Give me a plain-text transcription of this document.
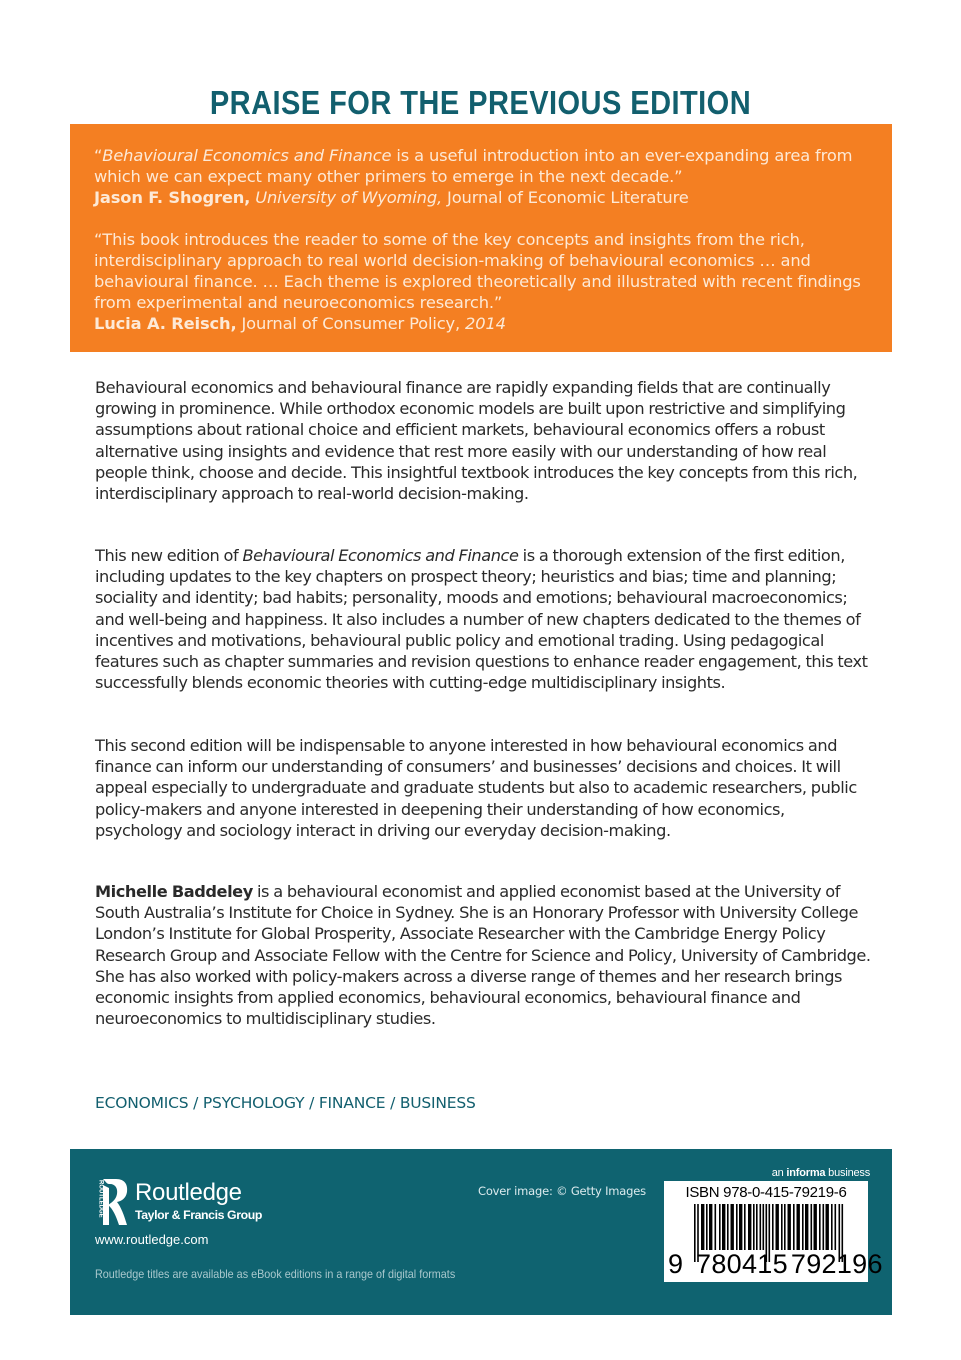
PRAISE FOR THE PREVIOUS EDITION

“Behavioural Economics and Finance is a useful introduction into an ever-expanding area from which we can expect many other primers to emerge in the next decade.”
Jason F. Shogren, University of Wyoming, Journal of Economic Literature

“This book introduces the reader to some of the key concepts and insights from the rich, interdisciplinary approach to real world decision-making of behavioural economics … and behavioural finance. … Each theme is explored theoretically and illustrated with recent findings from experimental and neuroeconomics research.”
Lucia A. Reisch, Journal of Consumer Policy, 2014

Behavioural economics and behavioural finance are rapidly expanding fields that are continually growing in prominence. While orthodox economic models are built upon restrictive and simplifying assumptions about rational choice and efficient markets, behavioural economics offers a robust alternative using insights and evidence that rest more easily with our understanding of how real people think, choose and decide. This insightful textbook introduces the key concepts from this rich, interdisciplinary approach to real-world decision-making.

This new edition of Behavioural Economics and Finance is a thorough extension of the first edition, including updates to the key chapters on prospect theory; heuristics and bias; time and planning; sociality and identity; bad habits; personality, moods and emotions; behavioural macroeconomics; and well-being and happiness. It also includes a number of new chapters dedicated to the themes of incentives and motivations, behavioural public policy and emotional trading. Using pedagogical features such as chapter summaries and revision questions to enhance reader engagement, this text successfully blends economic theories with cutting-edge multidisciplinary insights.

This second edition will be indispensable to anyone interested in how behavioural economics and finance can inform our understanding of consumers’ and businesses’ decisions and choices. It will appeal especially to undergraduate and graduate students but also to academic researchers, public policy-makers and anyone interested in deepening their understanding of how economics, psychology and sociology interact in driving our everyday decision-making.

Michelle Baddeley is a behavioural economist and applied economist based at the University of South Australia’s Institute for Choice in Sydney. She is an Honorary Professor with University College London’s Institute for Global Prosperity, Associate Researcher with the Cambridge Energy Policy Research Group and Associate Fellow with the Centre for Science and Policy, University of Cambridge. She has also worked with policy-makers across a diverse range of themes and her research brings economic insights from applied economics, behavioural economics, behavioural finance and neuroeconomics to multidisciplinary studies.

ECONOMICS / PSYCHOLOGY / FINANCE / BUSINESS
ROUTLEDGE Routledge
Taylor & Francis Group
www.routledge.com
Routledge titles are available as eBook editions in a range of digital formats
Cover image: © Getty Images
an informa business
ISBN 978-0-415-79219-6
9 780415 792196
